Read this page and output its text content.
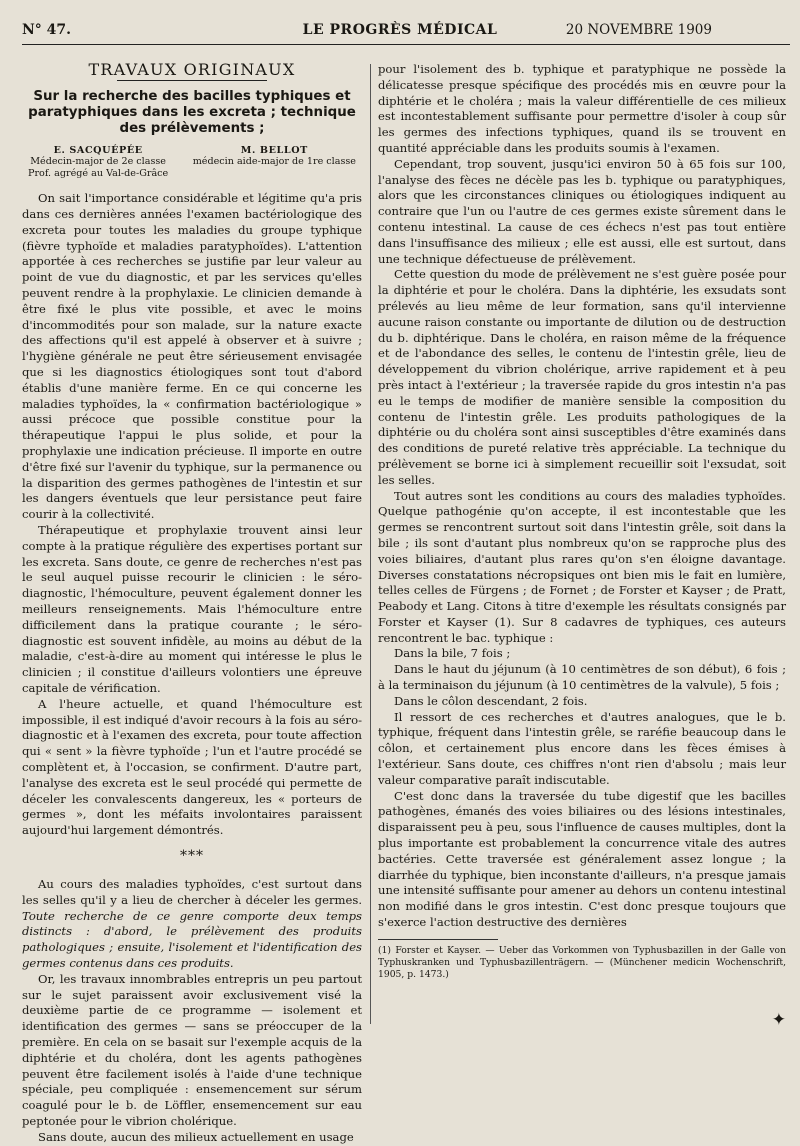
N° 47.	LE PROGRÈS MÉDICAL	20 NOVEMBRE 1909
TRAVAUX ORIGINAUX
Sur la recherche des bacilles typhiques et paratyphiques dans les excreta ; technique des prélèvements ;
E. SACQUÉPÉE
Médecin-major de 2e classe
Prof. agrégé au Val-de-Grâce
M. BELLOT
médecin aide-major de 1re classe

On sait l'importance considérable et légitime qu'a pris dans ces dernières années l'examen bactériologique des excreta pour toutes les maladies du groupe typhique (fièvre typhoïde et maladies paratyphoïdes). L'attention apportée à ces recherches se justifie par leur valeur au point de vue du diagnostic, et par les services qu'elles peuvent rendre à la prophylaxie. Le clinicien demande à être fixé le plus vite possible, et avec le moins d'incommodités pour son malade, sur la nature exacte des affections qu'il est appelé à observer et à suivre ; l'hygiène générale ne peut être sérieusement envisagée que si les diagnostics étiologiques sont tout d'abord établis d'une manière ferme. En ce qui concerne les maladies typhoïdes, la « confirmation bactériologique » aussi précoce que possible constitue pour la thérapeutique l'appui le plus solide, et pour la prophylaxie une indication précieuse. Il importe en outre d'être fixé sur l'avenir du typhique, sur la permanence ou la disparition des germes pathogènes de l'intestin et sur les dangers éventuels que leur persistance peut faire courir à la collectivité.

Thérapeutique et prophylaxie trouvent ainsi leur compte à la pratique régulière des expertises portant sur les excreta. Sans doute, ce genre de recherches n'est pas le seul auquel puisse recourir le clinicien : le séro-diagnostic, l'hémoculture, peuvent également donner les meilleurs renseignements. Mais l'hémoculture entre difficilement dans la pratique courante ; le séro-diagnostic est souvent infidèle, au moins au début de la maladie, c'est-à-dire au moment qui intéresse le plus le clinicien ; il constitue d'ailleurs volontiers une épreuve capitale de vérification.

A l'heure actuelle, et quand l'hémoculture est impossible, il est indiqué d'avoir recours à la fois au séro-diagnostic et à l'examen des excreta, pour toute affection qui « sent » la fièvre typhoïde ; l'un et l'autre procédé se complètent et, à l'occasion, se confirment. D'autre part, l'analyse des excreta est le seul procédé qui permette de déceler les convalescents dangereux, les « porteurs de germes », dont les méfaits involontaires paraissent aujourd'hui largement démontrés.

***

Au cours des maladies typhoïdes, c'est surtout dans les selles qu'il y a lieu de chercher à déceler les germes. Toute recherche de ce genre comporte deux temps distincts : d'abord, le prélèvement des produits pathologiques ; ensuite, l'isolement et l'identification des germes contenus dans ces produits.

Or, les travaux innombrables entrepris un peu partout sur le sujet paraissent avoir exclusivement visé la deuxième partie de ce programme — isolement et identification des germes — sans se préoccuper de la première. En cela on se basait sur l'exemple acquis de la diphtérie et du choléra, dont les agents pathogènes peuvent être facilement isolés à l'aide d'une technique spéciale, peu compliquée : ensemencement sur sérum coagulé pour le b. de Löffler, ensemencement sur eau peptonée pour le vibrion cholérique.

Sans doute, aucun des milieux actuellement en usage

pour l'isolement des b. typhique et paratyphique ne possède la délicatesse presque spécifique des procédés mis en œuvre pour la diphtérie et le choléra ; mais la valeur différentielle de ces milieux est incontestablement suffisante pour permettre d'isoler à coup sûr les germes des infections typhiques, quand ils se trouvent en quantité appréciable dans les produits soumis à l'examen.

Cependant, trop souvent, jusqu'ici environ 50 à 65 fois sur 100, l'analyse des fèces ne décèle pas les b. typhique ou paratyphiques, alors que les circonstances cliniques ou étiologiques indiquent au contraire que l'un ou l'autre de ces germes existe sûrement dans le contenu intestinal. La cause de ces échecs n'est pas tout entière dans l'insuffisance des milieux ; elle est aussi, elle est surtout, dans une technique défectueuse de prélèvement.

Cette question du mode de prélèvement ne s'est guère posée pour la diphtérie et pour le choléra. Dans la diphtérie, les exsudats sont prélevés au lieu même de leur formation, sans qu'il intervienne aucune raison constante ou importante de dilution ou de destruction du b. diphtérique. Dans le choléra, en raison même de la fréquence et de l'abondance des selles, le contenu de l'intestin grêle, lieu de développement du vibrion cholérique, arrive rapidement et à peu près intact à l'extérieur ; la traversée rapide du gros intestin n'a pas eu le temps de modifier de manière sensible la composition du contenu de l'intestin grêle. Les produits pathologiques de la diphtérie ou du choléra sont ainsi susceptibles d'être examinés dans des conditions de pureté relative très appréciable. La technique du prélèvement se borne ici à simplement recueillir soit l'exsudat, soit les selles.

Tout autres sont les conditions au cours des maladies typhoïdes. Quelque pathogénie qu'on accepte, il est incontestable que les germes se rencontrent surtout soit dans l'intestin grêle, soit dans la bile ; ils sont d'autant plus nombreux qu'on se rapproche plus des voies biliaires, d'autant plus rares qu'on s'en éloigne davantage. Diverses constatations nécropsiques ont bien mis le fait en lumière, telles celles de Fürgens ; de Fornet ; de Forster et Kayser ; de Pratt, Peabody et Lang. Citons à titre d'exemple les résultats consignés par Forster et Kayser (1). Sur 8 cadavres de typhiques, ces auteurs rencontrent le bac. typhique :

Dans la bile, 7 fois ;
Dans le haut du jéjunum (à 10 centimètres de son début), 6 fois ; à la terminaison du jéjunum (à 10 centimètres de la valvule), 5 fois ;
Dans le côlon descendant, 2 fois.

Il ressort de ces recherches et d'autres analogues, que le b. typhique, fréquent dans l'intestin grêle, se raréfie beaucoup dans le côlon, et certainement plus encore dans les fèces émises à l'extérieur. Sans doute, ces chiffres n'ont rien d'absolu ; mais leur valeur comparative paraît indiscutable.

C'est donc dans la traversée du tube digestif que les bacilles pathogènes, émanés des voies biliaires ou des lésions intestinales, disparaissent peu à peu, sous l'influence de causes multiples, dont la plus importante est probablement la concurrence vitale des autres bactéries. Cette traversée est généralement assez longue ; la diarrhée du typhique, bien inconstante d'ailleurs, n'a presque jamais une intensité suffisante pour amener au dehors un contenu intestinal non modifié dans le gros intestin. C'est donc presque toujours que s'exerce l'action destructive des dernières

(1) Forster et Kayser. — Ueber das Vorkommen von Typhusbazillen in der Galle von Typhuskranken und Typhusbazillenträgern. — (Münchener medicin Wochenschrift, 1905, p. 1473.)
✦
